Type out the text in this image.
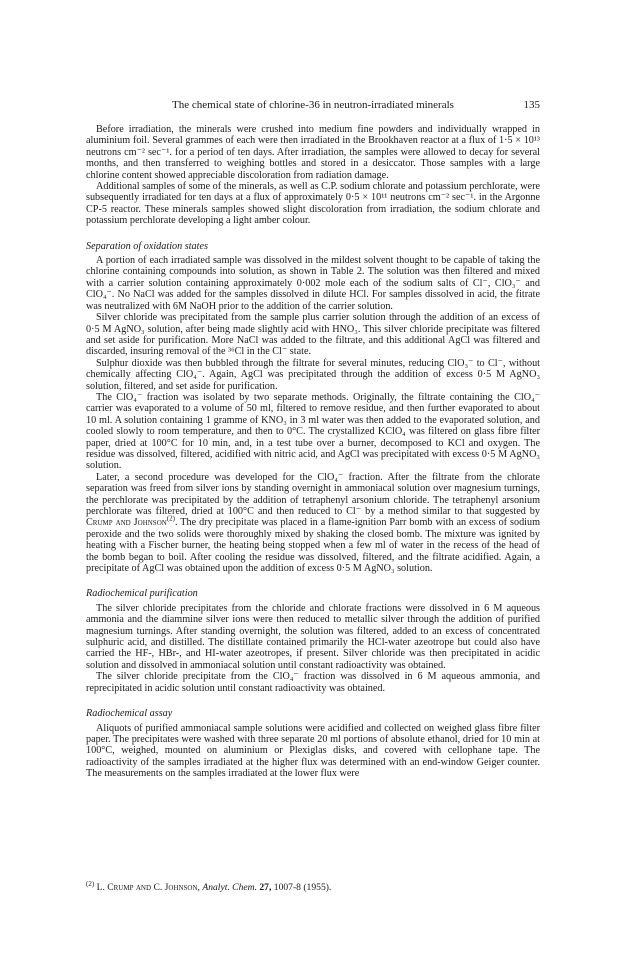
The chemical state of chlorine-36 in neutron-irradiated minerals	135

Before irradiation, the minerals were crushed into medium fine powders and individually wrapped in aluminium foil. Several grammes of each were then irradiated in the Brookhaven reactor at a flux of 1·5 × 10¹³ neutrons cm⁻² sec⁻¹. for a period of ten days. After irradiation, the samples were allowed to decay for several months, and then transferred to weighing bottles and stored in a desiccator. Those samples with a large chlorine content showed appreciable discoloration from radiation damage.

Additional samples of some of the minerals, as well as C.P. sodium chlorate and potassium perchlorate, were subsequently irradiated for ten days at a flux of approximately 0·5 × 10¹¹ neutrons cm⁻² sec⁻¹. in the Argonne CP-5 reactor. These minerals samples showed slight discoloration from irradiation, the sodium chlorate and potassium perchlorate developing a light amber colour.

Separation of oxidation states

A portion of each irradiated sample was dissolved in the mildest solvent thought to be capable of taking the chlorine containing compounds into solution, as shown in Table 2. The solution was then filtered and mixed with a carrier solution containing approximately 0·002 mole each of the sodium salts of Cl⁻, ClO₃⁻ and ClO₄⁻. No NaCl was added for the samples dissolved in dilute HCl. For samples dissolved in acid, the fitrate was neutralized with 6M NaOH prior to the addition of the carrier solution.

Silver chloride was precipitated from the sample plus carrier solution through the addition of an excess of 0·5 M AgNO₃ solution, after being made slightly acid with HNO₃. This silver chloride precipitate was filtered and set aside for purification. More NaCl was added to the filtrate, and this additional AgCl was filtered and discarded, insuring removal of the ³⁶Cl in the Cl⁻ state.

Sulphur dioxide was then bubbled through the filtrate for several minutes, reducing ClO₃⁻ to Cl⁻, without chemically affecting ClO₄⁻. Again, AgCl was precipitated through the addition of excess 0·5 M AgNO₃ solution, filtered, and set aside for purification.

The ClO₄⁻ fraction was isolated by two separate methods. Originally, the filtrate containing the ClO₄⁻ carrier was evaporated to a volume of 50 ml, filtered to remove residue, and then further evaporated to about 10 ml. A solution containing 1 gramme of KNO₃ in 3 ml water was then added to the evaporated solution, and cooled slowly to room temperature, and then to 0°C. The crystallized KClO₄ was filtered on glass fibre filter paper, dried at 100°C for 10 min, and, in a test tube over a burner, decomposed to KCl and oxygen. The residue was dissolved, filtered, acidified with nitric acid, and AgCl was precipitated with excess 0·5 M AgNO₃ solution.

Later, a second procedure was developed for the ClO₄⁻ fraction. After the filtrate from the chlorate separation was freed from silver ions by standing overnight in ammoniacal solution over magnesium turnings, the perchlorate was precipitated by the addition of tetraphenyl arsonium chloride. The tetraphenyl arsonium perchlorate was filtered, dried at 100°C and then reduced to Cl⁻ by a method similar to that suggested by Crump and Johnson$^{(2)}$. The dry precipitate was placed in a flame-ignition Parr bomb with an excess of sodium peroxide and the two solids were thoroughly mixed by shaking the closed bomb. The mixture was ignited by heating with a Fischer burner, the heating being stopped when a few ml of water in the recess of the head of the bomb began to boil. After cooling the residue was dissolved, filtered, and the filtrate acidified. Again, a precipitate of AgCl was obtained upon the addition of excess 0·5 M AgNO₃ solution.

Radiochemical purification

The silver chloride precipitates from the chloride and chlorate fractions were dissolved in 6 M aqueous ammonia and the diammine silver ions were then reduced to metallic silver through the addition of purified magnesium turnings. After standing overnight, the solution was filtered, added to an excess of concentrated sulphuric acid, and distilled. The distillate contained primarily the HCl-water azeotrope but could also have carried the HF-, HBr-, and HI-water azeotropes, if present. Silver chloride was then precipitated in acidic solution and dissolved in ammoniacal solution until constant radioactivity was obtained.

The silver chloride precipitate from the ClO₄⁻ fraction was dissolved in 6 M aqueous ammonia, and reprecipitated in acidic solution until constant radioactivity was obtained.

Radiochemical assay

Aliquots of purified ammoniacal sample solutions were acidified and collected on weighed glass fibre filter paper. The precipitates were washed with three separate 20 ml portions of absolute ethanol, dried for 10 min at 100°C, weighed, mounted on aluminium or Plexiglas disks, and covered with cellophane tape. The radioactivity of the samples irradiated at the higher flux was determined with an end-window Geiger counter. The measurements on the samples irradiated at the lower flux were

$^{(2)}$ L. Crump and C. Johnson, Analyt. Chem. 27, 1007-8 (1955).
